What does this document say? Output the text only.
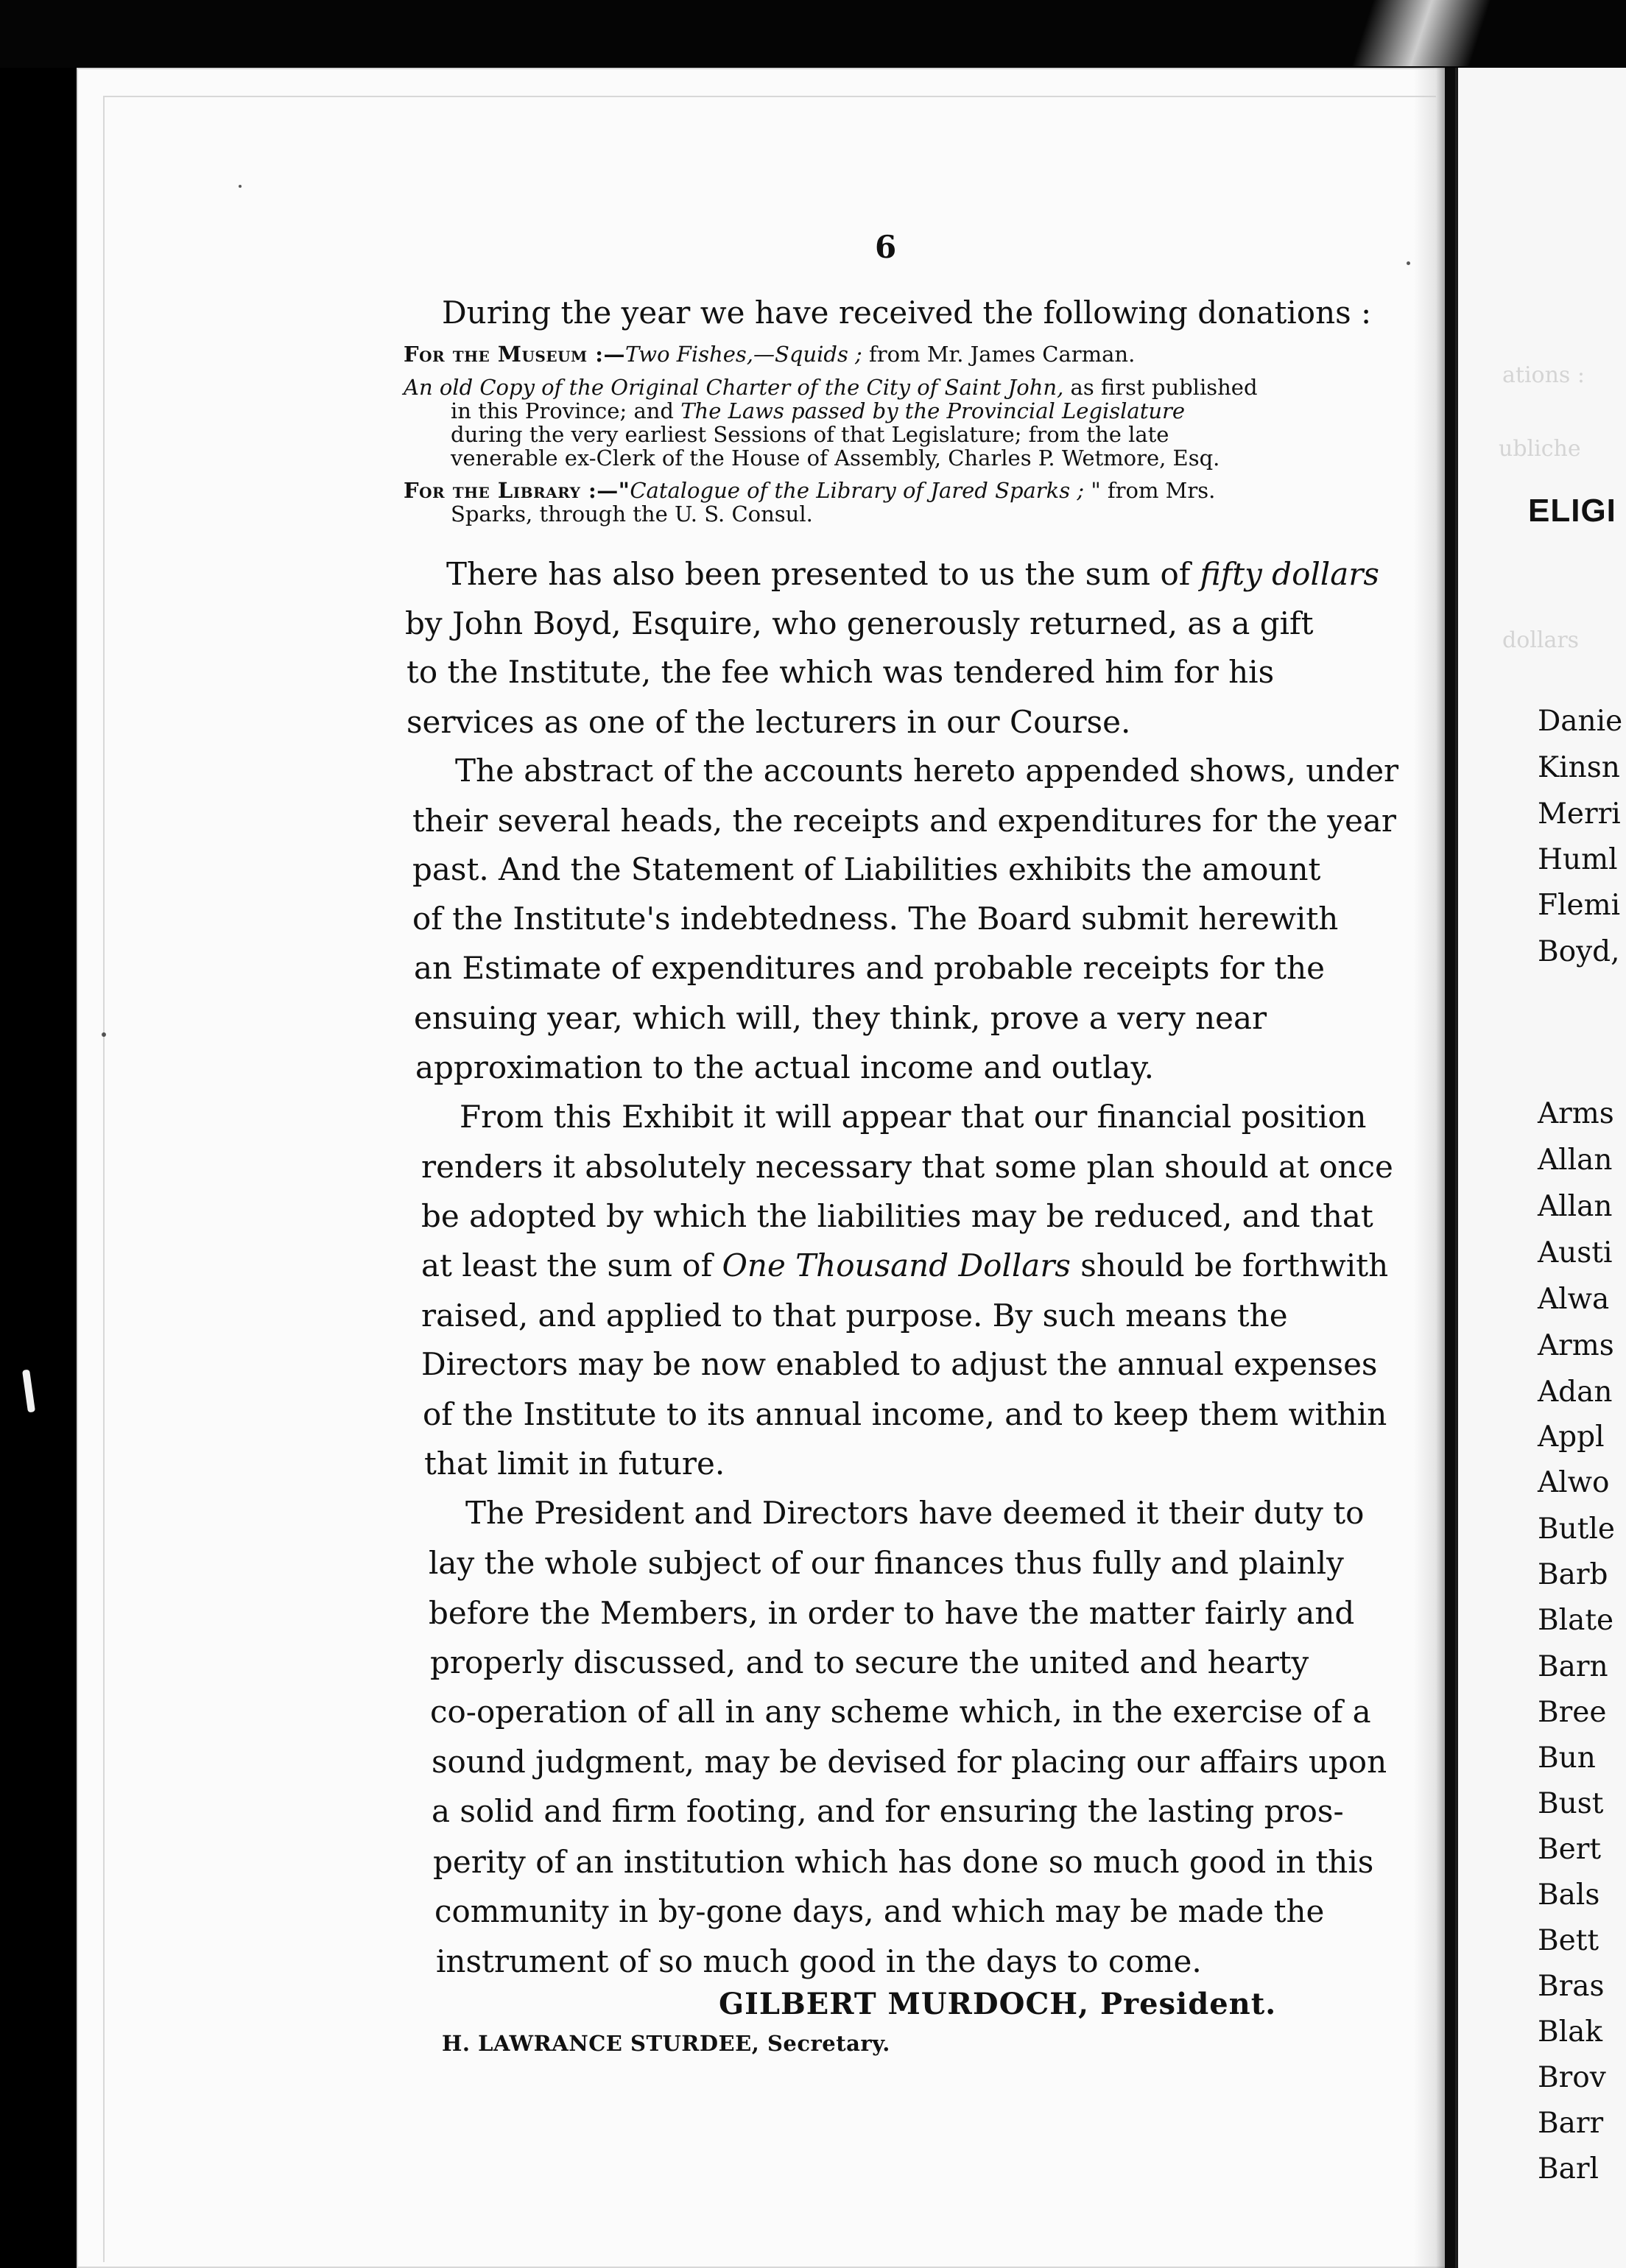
ations :
ubliche
dollars
ELIGI
Danie
Kinsn
Merri
Huml
Flemi
Boyd,
Arms
Allan
Allan
Austi
Alwa
Arms
Adan
Appl
Alwo
Butle
Barb
Blate
Barn
Bree
Bun
Bust
Bert
Bals
Bett
Bras
Blak
Brov
Barr
Barl
6
During the year we have received the following donations :
For the Museum :—Two Fishes,—Squids ; from Mr. James Carman.
An old Copy of the Original Charter of the City of Saint John, as first published
in this Province; and The Laws passed by the Provincial Legislature
during the very earliest Sessions of that Legislature; from the late
venerable ex-Clerk of the House of Assembly, Charles P. Wetmore, Esq.
For the Library :—"Catalogue of the Library of Jared Sparks ; " from Mrs.
Sparks, through the U. S. Consul.
There has also been presented to us the sum of fifty dollars
by John Boyd, Esquire, who generously returned, as a gift
to the Institute, the fee which was tendered him for his
services as one of the lecturers in our Course.
The abstract of the accounts hereto appended shows, under
their several heads, the receipts and expenditures for the year
past. And the Statement of Liabilities exhibits the amount
of the Institute's indebtedness. The Board submit herewith
an Estimate of expenditures and probable receipts for the
ensuing year, which will, they think, prove a very near
approximation to the actual income and outlay.
From this Exhibit it will appear that our financial position
renders it absolutely necessary that some plan should at once
be adopted by which the liabilities may be reduced, and that
at least the sum of One Thousand Dollars should be forthwith
raised, and applied to that purpose. By such means the
Directors may be now enabled to adjust the annual expenses
of the Institute to its annual income, and to keep them within
that limit in future.
The President and Directors have deemed it their duty to
lay the whole subject of our finances thus fully and plainly
before the Members, in order to have the matter fairly and
properly discussed, and to secure the united and hearty
co-operation of all in any scheme which, in the exercise of a
sound judgment, may be devised for placing our affairs upon
a solid and firm footing, and for ensuring the lasting pros-
perity of an institution which has done so much good in this
community in by-gone days, and which may be made the
instrument of so much good in the days to come.
GILBERT MURDOCH, President.
H. LAWRANCE STURDEE, Secretary.
